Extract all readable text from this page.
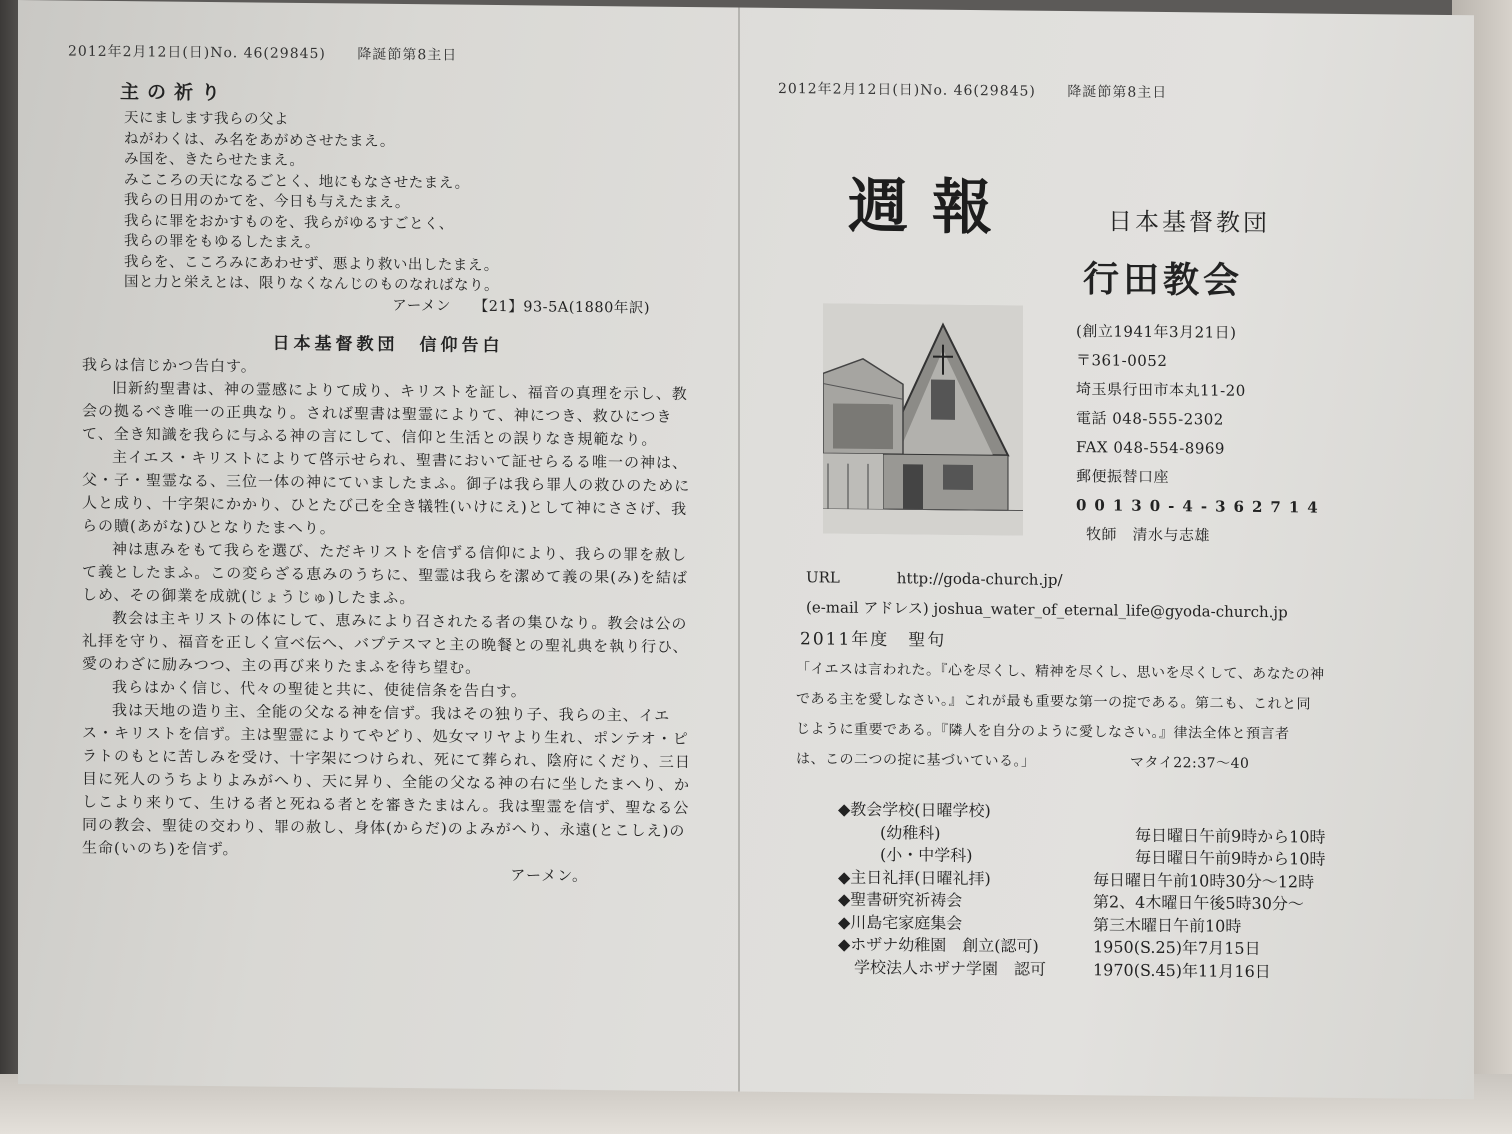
2012年2月12日(日)No. 46(29845) 降誕節第8主日
主の祈り

天にまします我らの父よ

ねがわくは、み名をあがめさせたまえ。

み国を、きたらせたまえ。

みこころの天になるごとく、地にもなさせたまえ。

我らの日用のかてを、今日も与えたまえ。

我らに罪をおかすものを、我らがゆるすごとく、

我らの罪をもゆるしたまえ。

我らを、こころみにあわせず、悪より救い出したまえ。

国と力と栄えとは、限りなくなんじのものなればなり。

アーメン　　【21】93-5A(1880年訳)

日本基督教団　信仰告白

我らは信じかつ告白す。

旧新約聖書は、神の霊感によりて成り、キリストを証し、福音の真理を示し、教会の拠るべき唯一の正典なり。されば聖書は聖霊によりて、神につき、救ひにつきて、全き知識を我らに与ふる神の言にして、信仰と生活との誤りなき規範なり。

主イエス・キリストによりて啓示せられ、聖書において証せらるる唯一の神は、父・子・聖霊なる、三位一体の神にていましたまふ。御子は我ら罪人の救ひのために人と成り、十字架にかかり、ひとたび己を全き犠牲(いけにえ)として神にささげ、我らの贖(あがな)ひとなりたまへり。

神は恵みをもて我らを選び、ただキリストを信ずる信仰により、我らの罪を赦して義としたまふ。この変らざる恵みのうちに、聖霊は我らを潔めて義の果(み)を結ばしめ、その御業を成就(じょうじゅ)したまふ。

教会は主キリストの体にして、恵みにより召されたる者の集ひなり。教会は公の礼拝を守り、福音を正しく宣べ伝へ、バプテスマと主の晩餐との聖礼典を執り行ひ、愛のわざに励みつつ、主の再び来りたまふを待ち望む。

我らはかく信じ、代々の聖徒と共に、使徒信条を告白す。

我は天地の造り主、全能の父なる神を信ず。我はその独り子、我らの主、イエス・キリストを信ず。主は聖霊によりてやどり、処女マリヤより生れ、ポンテオ・ピラトのもとに苦しみを受け、十字架につけられ、死にて葬られ、陰府にくだり、三日目に死人のうちよりよみがへり、天に昇り、全能の父なる神の右に坐したまへり、かしこより来りて、生ける者と死ねる者とを審きたまはん。我は聖霊を信ず、聖なる公同の教会、聖徒の交わり、罪の赦し、身体(からだ)のよみがへり、永遠(とこしえ)の生命(いのち)を信ず。

アーメン。

2012年2月12日(日)No. 46(29845) 降誕節第8主日
週報	日本基督教団
行田教会
(創立1941年3月21日)
〒361-0052
埼玉県行田市本丸11-20
電話 048-555-2302
FAX 048-554-8969
郵便振替口座
00130-4-362714
牧師　清水与志雄
URL	http://goda-church.jp/
(e-mail アドレス) joshua_water_of_eternal_life@gyoda-church.jp
2011年度　聖句
「イエスは言われた。『心を尽くし、精神を尽くし、思いを尽くして、あなたの神
である主を愛しなさい。』これが最も重要な第一の掟である。第二も、これと同
じように重要である。『隣人を自分のように愛しなさい。』律法全体と預言者
は、この二つの掟に基づいている。」　　　　　　　マタイ22:37～40
◆教会学校(日曜学校)
(幼稚科)	毎日曜日午前9時から10時
(小・中学科)	毎日曜日午前9時から10時
◆主日礼拝(日曜礼拝)	毎日曜日午前10時30分～12時
◆聖書研究祈祷会	第2、4木曜日午後5時30分～
◆川島宅家庭集会	第三木曜日午前10時
◆ホザナ幼稚園　創立(認可)	1950(S.25)年7月15日
　学校法人ホザナ学園　認可	1970(S.45)年11月16日
